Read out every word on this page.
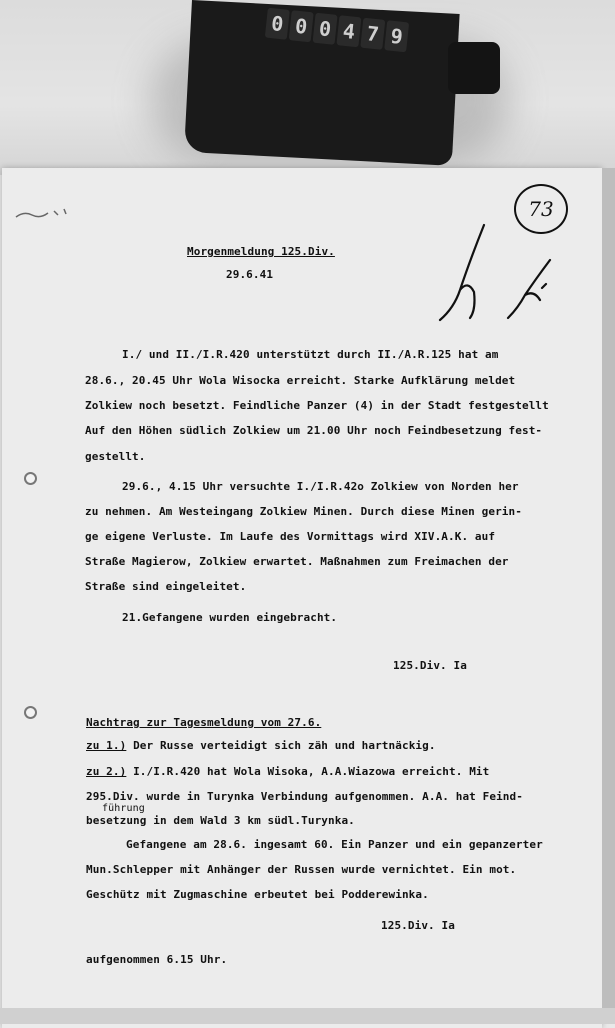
0 0 0 4 7 9
73
Morgenmeldung 125.Div.
29.6.41
I./ und II./I.R.420 unterstützt durch II./A.R.125 hat am
28.6., 20.45 Uhr Wola Wisocka erreicht. Starke Aufklärung meldet
Zolkiew noch besetzt. Feindliche Panzer (4) in der Stadt festgestellt
Auf den Höhen südlich Zolkiew um 21.00 Uhr noch Feindbesetzung fest-
gestellt.
29.6., 4.15 Uhr versuchte I./I.R.42o Zolkiew von Norden her
zu nehmen. Am Westeingang Zolkiew Minen. Durch diese Minen gerin-
ge eigene Verluste. Im Laufe des Vormittags wird XIV.A.K. auf
Straße Magierow, Zolkiew erwartet. Maßnahmen zum Freimachen der
Straße sind eingeleitet.
21.Gefangene wurden eingebracht.
125.Div. Ia
Nachtrag zur Tagesmeldung vom 27.6.
zu 1.) Der Russe verteidigt sich zäh und hartnäckig.
zu 2.) I./I.R.420 hat Wola Wisoka, A.A.Wiazowa erreicht. Mit
295.Div. wurde in Turynka Verbindung aufgenommen. A.A. hat Feind-
führung
besetzung in dem Wald 3 km südl.Turynka.
Gefangene am 28.6. ingesamt 60. Ein Panzer und ein gepanzerter
Mun.Schlepper mit Anhänger der Russen wurde vernichtet. Ein mot.
Geschütz mit Zugmaschine erbeutet bei Podderewinka.
125.Div. Ia
aufgenommen 6.15 Uhr.
